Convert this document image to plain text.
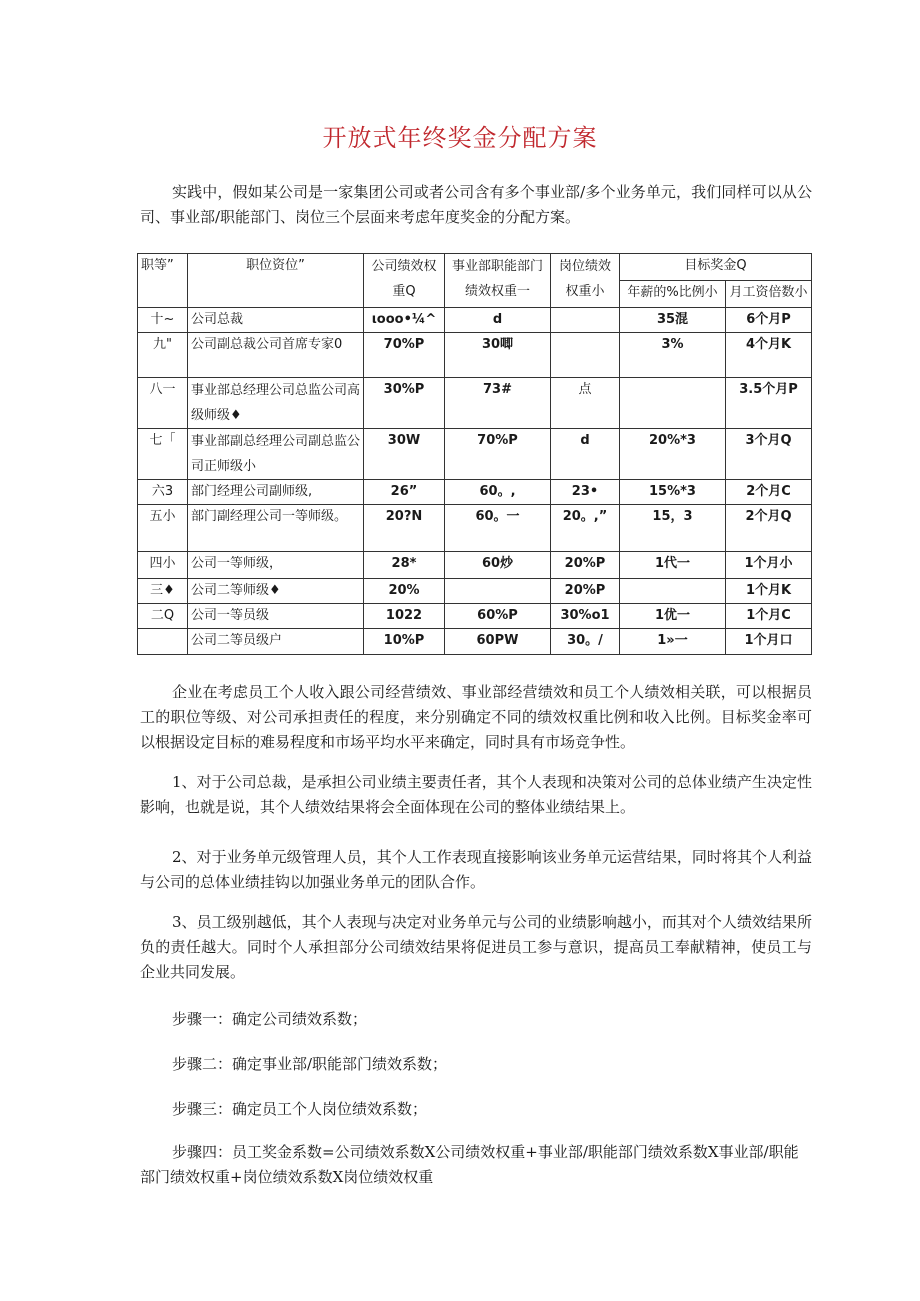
开放式年终奖金分配方案

实践中，假如某公司是一家集团公司或者公司含有多个事业部/多个业务单元，我们同样可以从公司、事业部/职能部门、岗位三个层面来考虑年度奖金的分配方案。

职等”	职位资位”	公司绩效权重Q	事业部职能部门绩效权重一	岗位绩效权重小	目标奖金Q	
					年薪的%比例小	月工资倍数小
十~	公司总裁	ιooo•¼^	d		35混	6个月P
九"	公司副总裁公司首席专家0	70%P	30唧		3%	4个月K
八一	事业部总经理公司总监公司高级师级♦	30%P	73#	点		3.5个月P
七「	事业部副总经理公司副总监公司正师级小	30W	70%P	d	20%*3	3个月Q
六3	部门经理公司副师级,	26”	60。,	23•	15%*3	2个月C
五小	部门副经理公司一等师级。	20?N	60。一	20。,”	15，3	2个月Q
四小	公司一等师级，	28*	60炒	20%P	1代一	1个月小
三♦	公司二等师级♦	20%		20%P		1个月K
二Q	公司一等员级	1022	60%P	30%o1	1优一	1个月C
	公司二等员级户	10%P	60PW	30。/	1»一	1个月口

企业在考虑员工个人收入跟公司经营绩效、事业部经营绩效和员工个人绩效相关联，可以根据员工的职位等级、对公司承担责任的程度，来分别确定不同的绩效权重比例和收入比例。目标奖金率可以根据设定目标的难易程度和市场平均水平来确定，同时具有市场竞争性。

1、对于公司总裁，是承担公司业绩主要责任者，其个人表现和决策对公司的总体业绩产生决定性影响，也就是说，其个人绩效结果将会全面体现在公司的整体业绩结果上。

2、对于业务单元级管理人员，其个人工作表现直接影响该业务单元运营结果，同时将其个人利益与公司的总体业绩挂钩以加强业务单元的团队合作。

3、员工级别越低，其个人表现与决定对业务单元与公司的业绩影响越小，而其对个人绩效结果所负的责任越大。同时个人承担部分公司绩效结果将促进员工参与意识，提高员工奉献精神，使员工与企业共同发展。

步骤一：确定公司绩效系数；

步骤二：确定事业部/职能部门绩效系数；

步骤三：确定员工个人岗位绩效系数；

步骤四：员工奖金系数=公司绩效系数X公司绩效权重+事业部/职能部门绩效系数X事业部/职能部门绩效权重+岗位绩效系数X岗位绩效权重
